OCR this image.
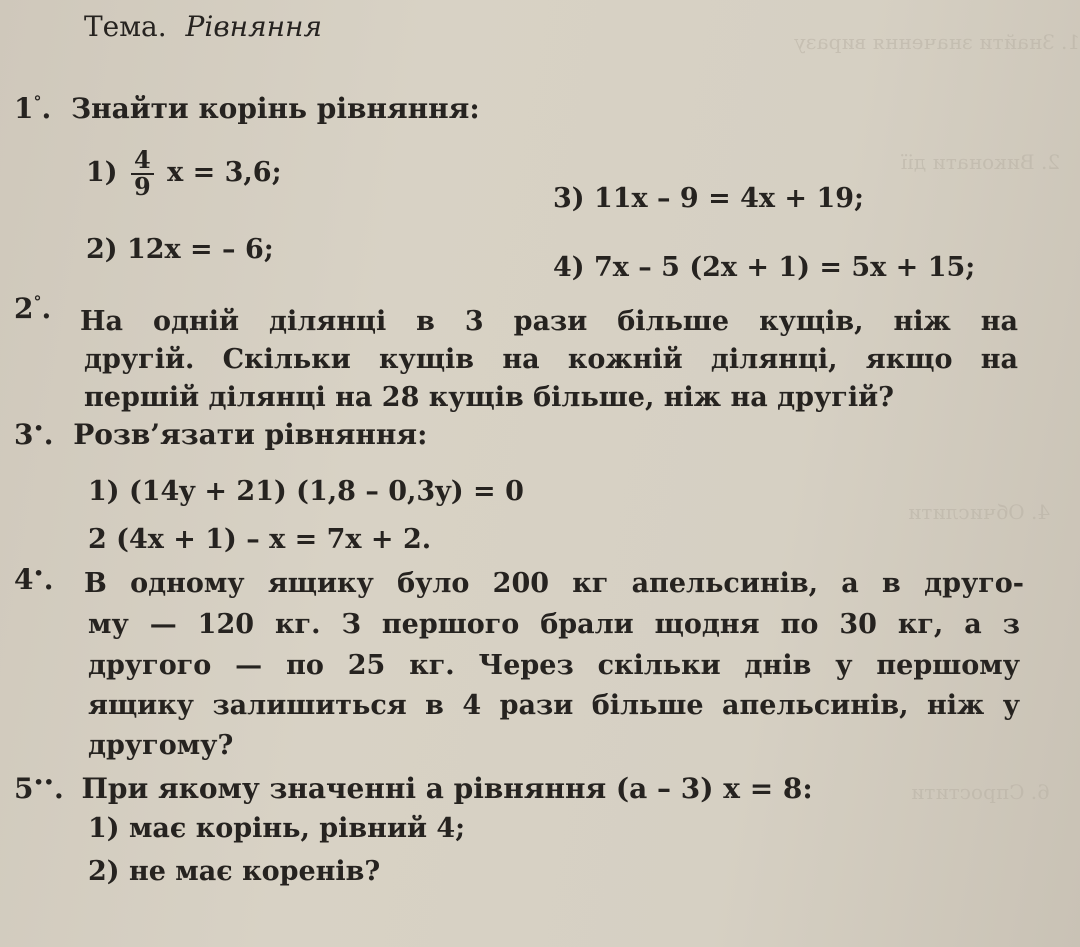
1. Знайти значення виразу
2. Виконати дії
4. Обчислити
6. Спростити
Тема. Рівняння
1°. Знайти корінь рівняння:
$1) \frac{4}{9}$ x = 3,6;
3) 11x – 9 = 4x + 19;
2) 12x = – 6;
4) 7x – 5 (2x + 1) = 5x + 15;
2°. На одній ділянці в 3 рази більше кущів, ніж на
другій. Скільки кущів на кожній ділянці, якщо на
першій ділянці на 28 кущів більше, ніж на другій?
3•. Розв’язати рівняння:
1) (14y + 21) (1,8 – 0,3y) = 0
2 (4x + 1) – x = 7x + 2.
4•. В одному ящику було 200 кг апельсинів, а в друго-
му — 120 кг. З першого брали щодня по 30 кг, а з
другого — по 25 кг. Через скільки днів у першому
ящику залишиться в 4 рази більше апельсинів, ніж у
другому?
5••. При якому значенні a рівняння (a – 3) x = 8:
1) має корінь, рівний 4;
2) не має коренів?
